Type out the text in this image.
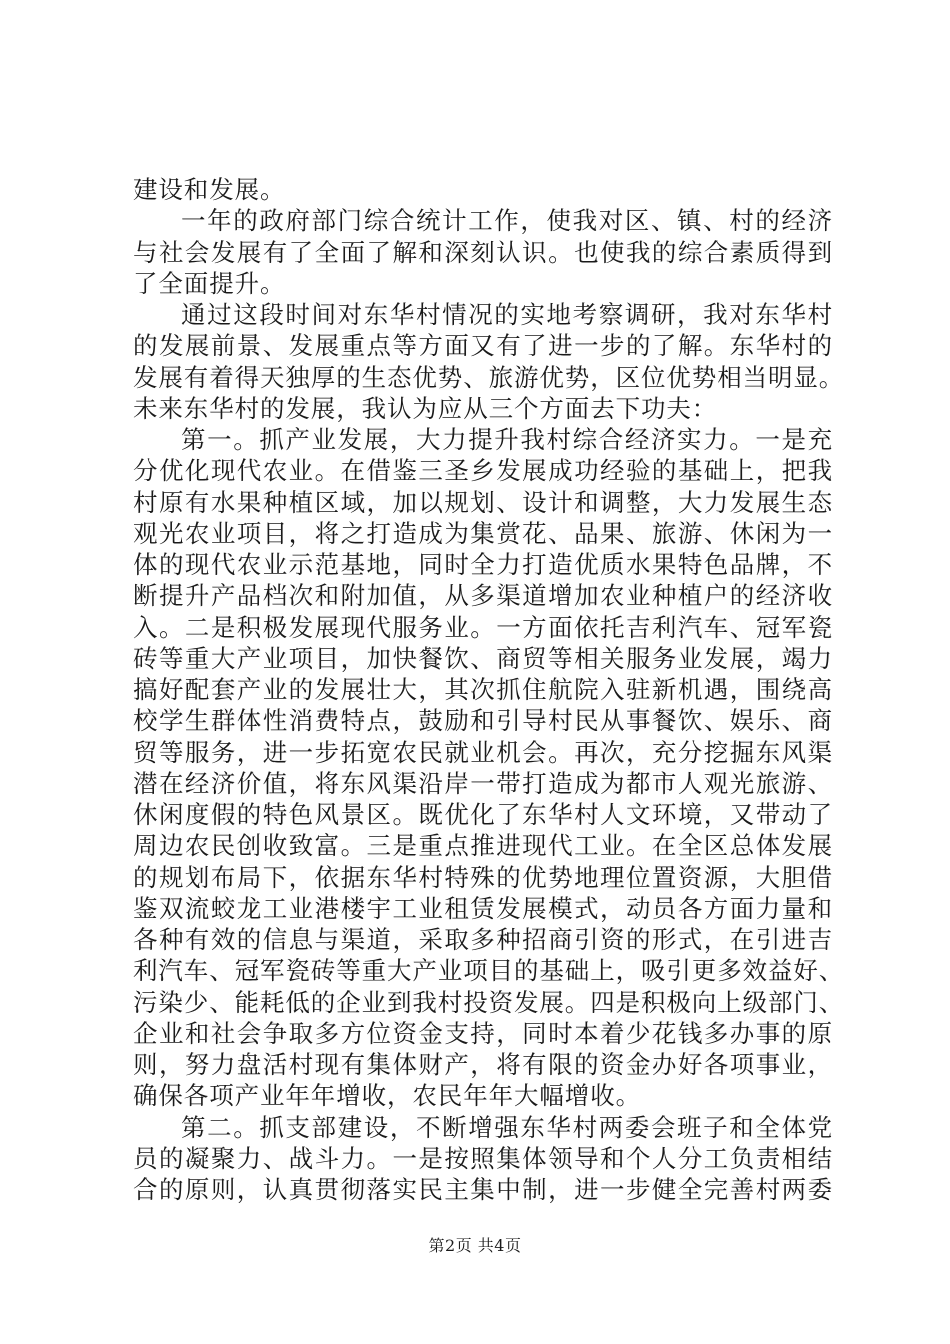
建设和发展。
一年的政府部门综合统计工作，使我对区、镇、村的经济
与社会发展有了全面了解和深刻认识。也使我的综合素质得到
了全面提升。
通过这段时间对东华村情况的实地考察调研，我对东华村
的发展前景、发展重点等方面又有了进一步的了解。东华村的
发展有着得天独厚的生态优势、旅游优势，区位优势相当明显。
未来东华村的发展，我认为应从三个方面去下功夫：
第一。抓产业发展，大力提升我村综合经济实力。一是充
分优化现代农业。在借鉴三圣乡发展成功经验的基础上，把我
村原有水果种植区域，加以规划、设计和调整，大力发展生态
观光农业项目，将之打造成为集赏花、品果、旅游、休闲为一
体的现代农业示范基地，同时全力打造优质水果特色品牌，不
断提升产品档次和附加值，从多渠道增加农业种植户的经济收
入。二是积极发展现代服务业。一方面依托吉利汽车、冠军瓷
砖等重大产业项目，加快餐饮、商贸等相关服务业发展，竭力
搞好配套产业的发展壮大，其次抓住航院入驻新机遇，围绕高
校学生群体性消费特点，鼓励和引导村民从事餐饮、娱乐、商
贸等服务，进一步拓宽农民就业机会。再次，充分挖掘东风渠
潜在经济价值，将东风渠沿岸一带打造成为都市人观光旅游、
休闲度假的特色风景区。既优化了东华村人文环境，又带动了
周边农民创收致富。三是重点推进现代工业。在全区总体发展
的规划布局下，依据东华村特殊的优势地理位置资源，大胆借
鉴双流蛟龙工业港楼宇工业租赁发展模式，动员各方面力量和
各种有效的信息与渠道，采取多种招商引资的形式，在引进吉
利汽车、冠军瓷砖等重大产业项目的基础上，吸引更多效益好、
污染少、能耗低的企业到我村投资发展。四是积极向上级部门、
企业和社会争取多方位资金支持，同时本着少花钱多办事的原
则，努力盘活村现有集体财产，将有限的资金办好各项事业，
确保各项产业年年增收，农民年年大幅增收。
第二。抓支部建设，不断增强东华村两委会班子和全体党
员的凝聚力、战斗力。一是按照集体领导和个人分工负责相结
合的原则，认真贯彻落实民主集中制，进一步健全完善村两委
第2页 共4页
